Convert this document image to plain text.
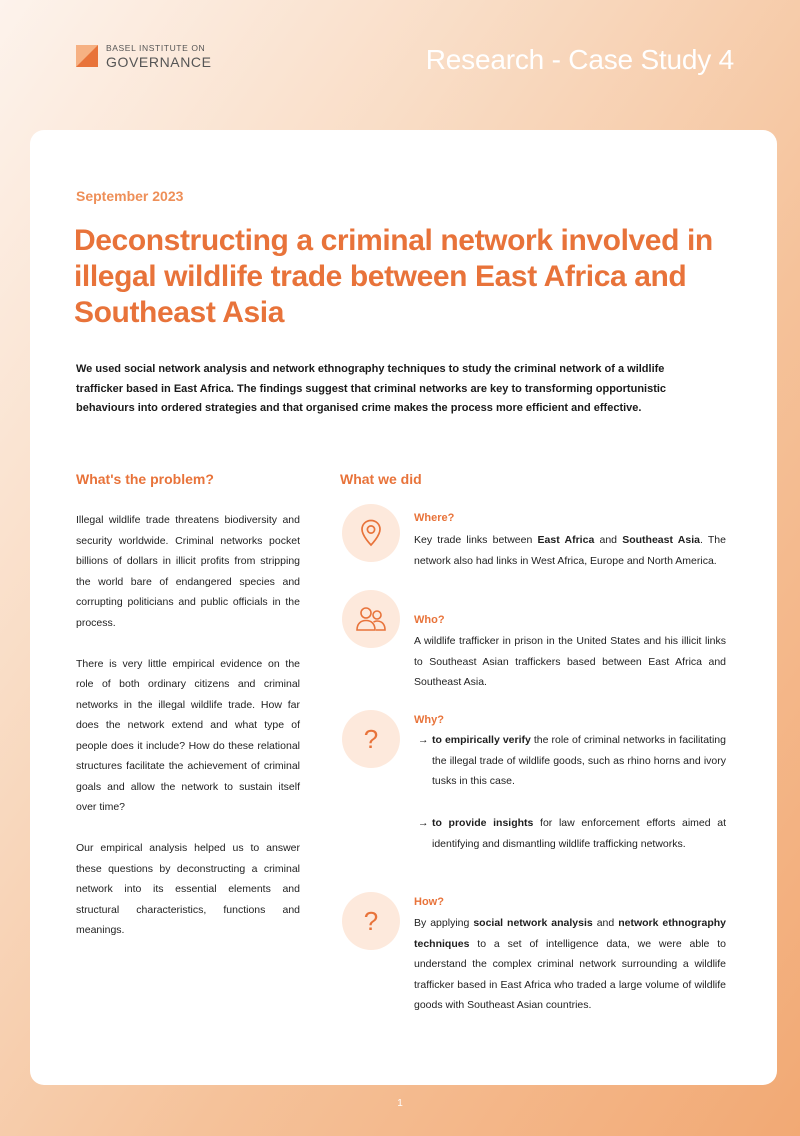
BASEL INSTITUTE ON
GOVERNANCE	Research - Case Study 4
September 2023
Deconstructing a criminal network involved in illegal wildlife trade between East Africa and Southeast Asia
We used social network analysis and network ethnography techniques to study the criminal network of a wildlife trafficker based in East Africa. The findings suggest that criminal networks are key to transforming opportunistic behaviours into ordered strategies and that organised crime makes the process more efficient and effective.
What's the problem?	What we did

Illegal wildlife trade threatens biodiversity and security worldwide. Criminal networks pocket billions of dollars in illicit profits from stripping the world bare of endangered species and corrupting politicians and public officials in the process.

There is very little empirical evidence on the role of both ordinary citizens and criminal networks in the illegal wildlife trade. How far does the network extend and what type of people does it include? How do these relational structures facilitate the achievement of criminal goals and allow the network to sustain itself over time?

Our empirical analysis helped us to answer these questions by deconstructing a criminal network into its essential elements and structural characteristics, functions and meanings.

Where?
Key trade links between East Africa and Southeast Asia. The network also had links in West Africa, Europe and North America.
Who?
A wildlife trafficker in prison in the United States and his illicit links to Southeast Asian traffickers based between East Africa and Southeast Asia.
?
Why?
→ to empirically verify the role of criminal networks in facilitating the illegal trade of wildlife goods, such as rhino horns and ivory tusks in this case.
→ to provide insights for law enforcement efforts aimed at identifying and dismantling wildlife trafficking networks.
?
How?
By applying social network analysis and network ethnography techniques to a set of intelligence data, we were able to understand the complex criminal network surrounding a wildlife trafficker based in East Africa who traded a large volume of wildlife goods with Southeast Asian countries.
1
